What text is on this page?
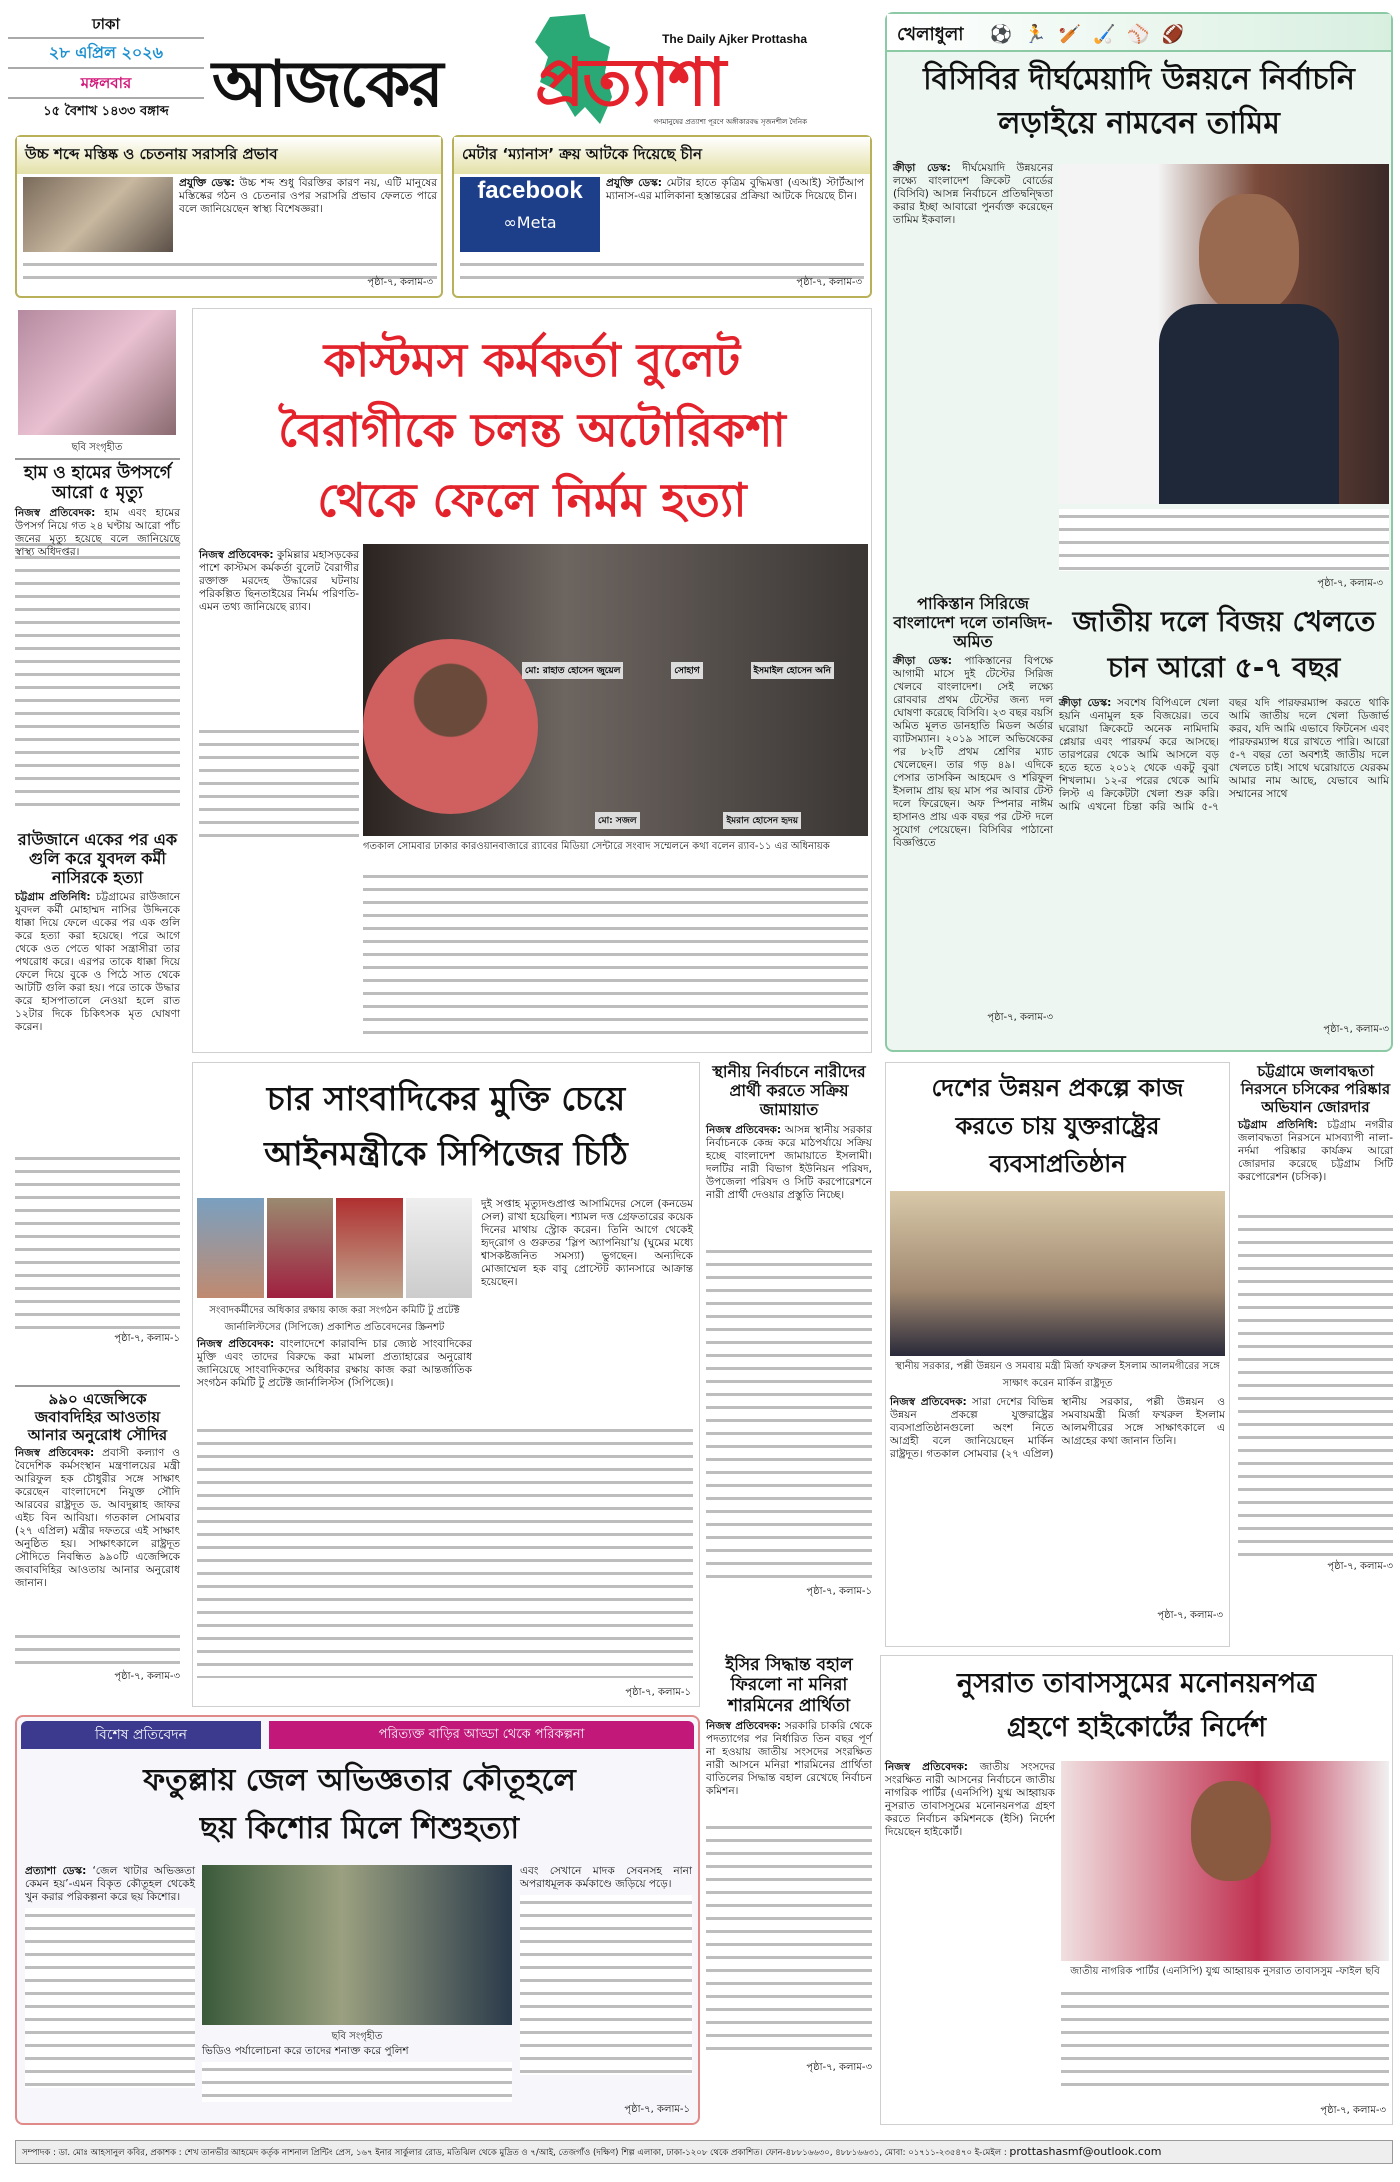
ঢাকা
২৮ এপ্রিল ২০২৬
মঙ্গলবার
১৫ বৈশাখ ১৪৩৩ বঙ্গাব্দ
The Daily Ajker Prottasha
আজকের প্রত্যাশা
গণমানুষের প্রত্যাশা পূরণে অঙ্গীকারবদ্ধ সৃজনশীল দৈনিক
উচ্চ শব্দে মস্তিষ্ক ও চেতনায় সরাসরি প্রভাব
প্রযুক্তি ডেস্ক: উচ্চ শব্দ শুধু বিরক্তির কারণ নয়, এটি মানুষের মস্তিষ্কের গঠন ও চেতনার ওপর সরাসরি প্রভাব ফেলতে পারে বলে জানিয়েছেন স্বাস্থ্য বিশেষজ্ঞরা।
পৃষ্ঠা-৭, কলাম-৩
মেটার ‘ম্যানাস’ ক্রয় আটকে দিয়েছে চীন
facebook
∞Meta
প্রযুক্তি ডেস্ক: মেটার হাতে কৃত্রিম বুদ্ধিমত্তা (এআই) স্টার্টআপ ম্যানাস-এর মালিকানা হস্তান্তরের প্রক্রিয়া আটকে দিয়েছে চীন।
পৃষ্ঠা-৭, কলাম-৩
ছবি সংগৃহীত
হাম ও হামের উপসর্গে আরো ৫ মৃত্যু
নিজস্ব প্রতিবেদক: হাম এবং হামের উপসর্গ নিয়ে গত ২৪ ঘণ্টায় আরো পাঁচ জনের মৃত্যু হয়েছে বলে জানিয়েছে স্বাস্থ্য অধিদপ্তর।
রাউজানে একের পর এক গুলি করে যুবদল কর্মী নাসিরকে হত্যা
চট্টগ্রাম প্রতিনিধি: চট্টগ্রামের রাউজানে যুবদল কর্মী মোহাম্মদ নাসির উদ্দিনকে ধাক্কা দিয়ে ফেলে একের পর এক গুলি করে হত্যা করা হয়েছে। পরে আগে থেকে ওত পেতে থাকা সন্ত্রাসীরা তার পথরোধ করে। এরপর তাকে ধাক্কা দিয়ে ফেলে দিয়ে বুকে ও পিঠে সাত থেকে আটটি গুলি করা হয়। পরে তাকে উদ্ধার করে হাসপাতালে নেওয়া হলে রাত ১২টার দিকে চিকিৎসক মৃত ঘোষণা করেন।
পৃষ্ঠা-৭, কলাম-১
৯৯০ এজেন্সিকে জবাবদিহির আওতায় আনার অনুরোধ সৌদির
নিজস্ব প্রতিবেদক: প্রবাসী কল্যাণ ও বৈদেশিক কর্মসংস্থান মন্ত্রণালয়ের মন্ত্রী আরিফুল হক চৌধুরীর সঙ্গে সাক্ষাৎ করেছেন বাংলাদেশে নিযুক্ত সৌদি আরবের রাষ্ট্রদূত ড. আবদুল্লাহ জাফর এইচ বিন আবিয়া। গতকাল সোমবার (২৭ এপ্রিল) মন্ত্রীর দফতরে এই সাক্ষাৎ অনুষ্ঠিত হয়। সাক্ষাৎকালে রাষ্ট্রদূত সৌদিতে নিবন্ধিত ৯৯০টি এজেন্সিকে জবাবদিহির আওতায় আনার অনুরোধ জানান।
পৃষ্ঠা-৭, কলাম-৩
কাস্টমস কর্মকর্তা বুলেট
বৈরাগীকে চলন্ত অটোরিকশা
থেকে ফেলে নির্মম হত্যা
নিজস্ব প্রতিবেদক: কুমিল্লার মহাসড়কের পাশে কাস্টমস কর্মকর্তা বুলেট বৈরাগীর রক্তাক্ত মরদেহ উদ্ধারের ঘটনায় পরিকল্পিত ছিনতাইয়ের নির্মম পরিণতি-এমন তথ্য জানিয়েছে র‌্যাব।
মো: রাহাত হোসেন জুয়েল	সোহাগ	ইসমাইল হোসেন অনি
মো: সজল	ইমরান হোসেন হৃদয়
গতকাল সোমবার ঢাকার কারওয়ানবাজারে র‌্যাবের মিডিয়া সেন্টারে সংবাদ সম্মেলনে কথা বলেন র‌্যাব-১১ এর অধিনায়ক
চার সাংবাদিকের মুক্তি চেয়ে
আইনমন্ত্রীকে সিপিজের চিঠি
সংবাদকর্মীদের অধিকার রক্ষায় কাজ করা সংগঠন কমিটি টু প্রটেক্ট জার্নালিস্টসের (সিপিজে) প্রকাশিত প্রতিবেদনের স্ক্রিনশট
দুই সপ্তাহ মৃত্যুদণ্ডপ্রাপ্ত আসামিদের সেলে (কনডেম সেল) রাখা হয়েছিল। শ্যামল দত্ত গ্রেফতারের কয়েক দিনের মাথায় স্ট্রোক করেন। তিনি আগে থেকেই হৃদ্‌রোগ ও গুরুতর ‘স্লিপ অ্যাপনিয়া’য় (ঘুমের মধ্যে শ্বাসকষ্টজনিত সমস্যা) ভুগছেন। অন্যদিকে মোজাম্মেল হক বাবু প্রোস্টেট ক্যানসারে আক্রান্ত হয়েছেন।
নিজস্ব প্রতিবেদক: বাংলাদেশে কারাবন্দি চার জ্যেষ্ঠ সাংবাদিকের মুক্তি এবং তাদের বিরুদ্ধে করা মামলা প্রত্যাহারের অনুরোধ জানিয়েছে সাংবাদিকদের অধিকার রক্ষায় কাজ করা আন্তর্জাতিক সংগঠন কমিটি টু প্রটেক্ট জার্নালিস্টস (সিপিজে)।
পৃষ্ঠা-৭, কলাম-১
স্থানীয় নির্বাচনে নারীদের প্রার্থী করতে সক্রিয় জামায়াত
নিজস্ব প্রতিবেদক: আসন্ন স্থানীয় সরকার নির্বাচনকে কেন্দ্র করে মাঠপর্যায়ে সক্রিয় হচ্ছে বাংলাদেশ জামায়াতে ইসলামী। দলটির নারী বিভাগ ইউনিয়ন পরিষদ, উপজেলা পরিষদ ও সিটি করপোরেশনে নারী প্রার্থী দেওয়ার প্রস্তুতি নিচ্ছে।
পৃষ্ঠা-৭, কলাম-১
ইসির সিদ্ধান্ত বহাল ফিরলো না মনিরা শারমিনের প্রার্থিতা
নিজস্ব প্রতিবেদক: সরকারি চাকরি থেকে পদত্যাগের পর নির্ধারিত তিন বছর পূর্ণ না হওয়ায় জাতীয় সংসদের সংরক্ষিত নারী আসনে মনিরা শারমিনের প্রার্থিতা বাতিলের সিদ্ধান্ত বহাল রেখেছে নির্বাচন কমিশন।
পৃষ্ঠা-৭, কলাম-৩
খেলাধুলা ⚽🏃🏏🏑⚾🏈
বিসিবির দীর্ঘমেয়াদি উন্নয়নে নির্বাচনি
লড়াইয়ে নামবেন তামিম
ক্রীড়া ডেস্ক: দীর্ঘমেয়াদি উন্নয়নের লক্ষ্যে বাংলাদেশ ক্রিকেট বোর্ডের (বিসিবি) আসন্ন নির্বাচনে প্রতিদ্বন্দ্বিতা করার ইচ্ছা আবারো পুনর্ব্যক্ত করেছেন তামিম ইকবাল।
পৃষ্ঠা-৭, কলাম-৩
পাকিস্তান সিরিজে বাংলাদেশ দলে তানজিদ-অমিত
ক্রীড়া ডেস্ক: পাকিস্তানের বিপক্ষে আগামী মাসে দুই টেস্টের সিরিজ খেলবে বাংলাদেশ। সেই লক্ষ্যে রোববার প্রথম টেস্টের জন্য দল ঘোষণা করেছে বিসিবি। ২৩ বছর বয়সি অমিত মূলত ডানহাতি মিডল অর্ডার ব্যাটসম্যান। ২০১৯ সালে অভিষেকের পর ৮২টি প্রথম শ্রেণির ম্যাচ খেলেছেন। তার গড় ৪৯। এদিকে পেসার তাসকিন আহমেদ ও শরিফুল ইসলাম প্রায় ছয় মাস পর আবার টেস্ট দলে ফিরেছেন। অফ স্পিনার নাঈম হাসানও প্রায় এক বছর পর টেস্ট দলে সুযোগ পেয়েছেন। বিসিবির পাঠানো বিজ্ঞপ্তিতে
পৃষ্ঠা-৭, কলাম-৩
জাতীয় দলে বিজয় খেলতে
চান আরো ৫-৭ বছর
ক্রীড়া ডেস্ক: সবশেষ বিপিএলে খেলা হয়নি এনামুল হক বিজয়ের। তবে ঘরোয়া ক্রিকেটে অনেক নামিদামি প্লেয়ার এবং পারফর্ম করে আসছে। তারপরের থেকে আমি আসলে বড় হতে হতে ২০১২ থেকে একটু বুঝা শিখলাম। ১২-র পরের থেকে আমি লিস্ট এ ক্রিকেটটা খেলা শুরু করি। আমি এখনো চিন্তা করি আমি ৫-৭ বছর যদি পারফরম্যান্স করতে থাকি আমি জাতীয় দলে খেলা ডিজার্ভ করব, যদি আমি এভাবে ফিটনেস এবং পারফরম্যান্স ধরে রাখতে পারি। আরো ৫-৭ বছর তো অবশ্যই জাতীয় দলে খেলতে চাই। সাথে ঘরোয়াতে যেরকম আমার নাম আছে, যেভাবে আমি সম্মানের সাথে
পৃষ্ঠা-৭, কলাম-৩
দেশের উন্নয়ন প্রকল্পে কাজ
করতে চায় যুক্তরাষ্ট্রের
ব্যবসাপ্রতিষ্ঠান
স্থানীয় সরকার, পল্লী উন্নয়ন ও সমবায় মন্ত্রী মির্জা ফখরুল ইসলাম আলমগীরের সঙ্গে সাক্ষাৎ করেন মার্কিন রাষ্ট্রদূত
নিজস্ব প্রতিবেদক: সারা দেশের বিভিন্ন উন্নয়ন প্রকল্পে যুক্তরাষ্ট্রের ব্যবসাপ্রতিষ্ঠানগুলো অংশ নিতে আগ্রহী বলে জানিয়েছেন মার্কিন রাষ্ট্রদূত। গতকাল সোমবার (২৭ এপ্রিল) স্থানীয় সরকার, পল্লী উন্নয়ন ও সমবায়মন্ত্রী মির্জা ফখরুল ইসলাম আলমগীরের সঙ্গে সাক্ষাৎকালে এ আগ্রহের কথা জানান তিনি।
পৃষ্ঠা-৭, কলাম-৩
চট্টগ্রামে জলাবদ্ধতা নিরসনে চসিকের পরিষ্কার অভিযান জোরদার
চট্টগ্রাম প্রতিনিধি: চট্টগ্রাম নগরীর জলাবদ্ধতা নিরসনে মাসব্যাপী নালা-নর্দমা পরিষ্কার কার্যক্রম আরো জোরদার করেছে চট্টগ্রাম সিটি করপোরেশন (চসিক)।
পৃষ্ঠা-৭, কলাম-৩
নুসরাত তাবাসসুমের মনোনয়নপত্র
গ্রহণে হাইকোর্টের নির্দেশ
নিজস্ব প্রতিবেদক: জাতীয় সংসদের সংরক্ষিত নারী আসনের নির্বাচনে জাতীয় নাগরিক পার্টির (এনসিপি) যুগ্ম আহ্বায়ক নুসরাত তাবাসসুমের মনোনয়নপত্র গ্রহণ করতে নির্বাচন কমিশনকে (ইসি) নির্দেশ দিয়েছেন হাইকোর্ট।
জাতীয় নাগরিক পার্টির (এনসিপি) যুগ্ম আহ্বায়ক নুসরাত তাবাসসুম -ফাইল ছবি
পৃষ্ঠা-৭, কলাম-৩
বিশেষ প্রতিবেদন	পরিত্যক্ত বাড়ির আড্ডা থেকে পরিকল্পনা
ফতুল্লায় জেল অভিজ্ঞতার কৌতূহলে
ছয় কিশোর মিলে শিশুহত্যা
প্রত্যাশা ডেস্ক: ‘জেল খাটার অভিজ্ঞতা কেমন হয়’-এমন বিকৃত কৌতূহল থেকেই খুন করার পরিকল্পনা করে ছয় কিশোর।
ছবি সংগৃহীত
ভিডিও পর্যালোচনা করে তাদের শনাক্ত করে পুলিশ
এবং সেখানে মাদক সেবনসহ নানা অপরাধমূলক কর্মকাণ্ডে জড়িয়ে পড়ে।
পৃষ্ঠা-৭, কলাম-১
সম্পাদক : ডা. মোঃ আহসানুল কবির, প্রকাশক : শেখ তানভীর আহমেদ কর্তৃক নাশনাল প্রিন্টিং প্রেস, ১৬৭ ইনার সার্কুলার রোড, মতিঝিল থেকে মুদ্রিত ও ৭/আই, তেজগাঁও (দক্ষিণ) শিল্প এলাকা, ঢাকা-১২০৮ থেকে প্রকাশিত। ফোন-৪৮৮১৬৬৩০, ৪৮৮১৬৬৩১, মোবা: ০১৭১১-২৩৫৪৭০ ই-মেইল : prottashasmf@outlook.com
